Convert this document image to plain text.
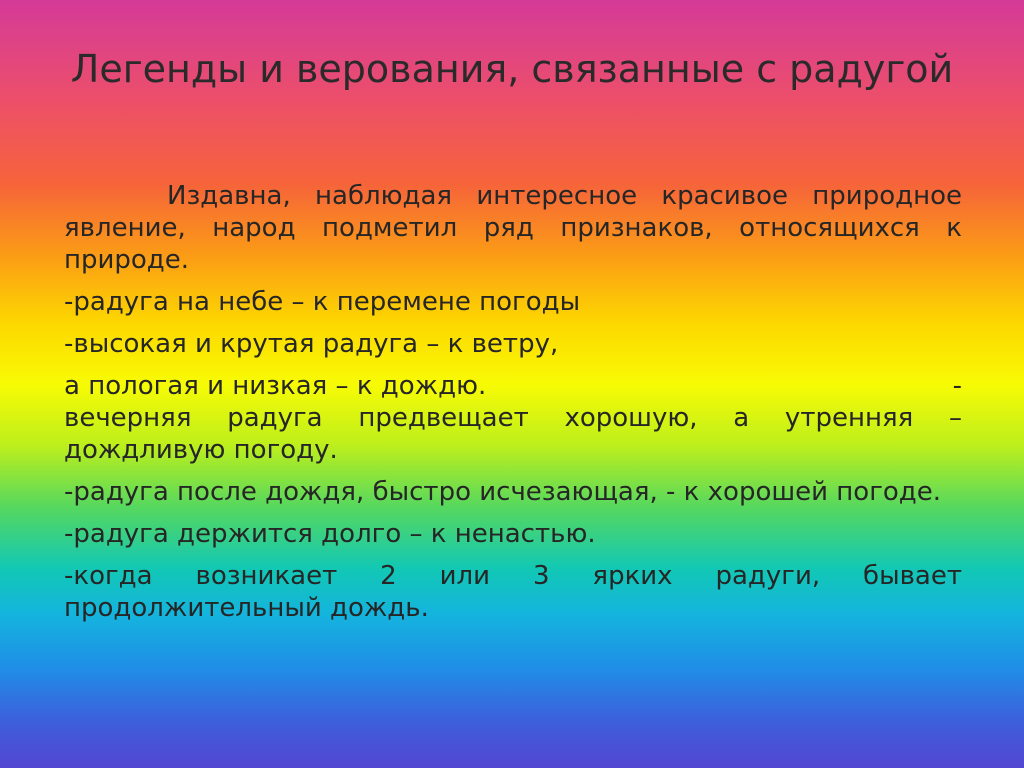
Легенды и верования, связанные с радугой

Издавна, наблюдая интересное красивое природное явление, народ подметил ряд признаков, относящихся к природе.

-радуга на небе – к перемене погоды

-высокая и крутая радуга – к ветру,

а пологая и низкая – к дождю.	-

вечерняя радуга предвещает хорошую, а утренняя – дождливую погоду.

-радуга после дождя, быстро исчезающая, - к хорошей погоде.

-радуга держится долго – к ненастью.

-когда возникает 2 или 3 ярких радуги, бывает продолжительный дождь.
